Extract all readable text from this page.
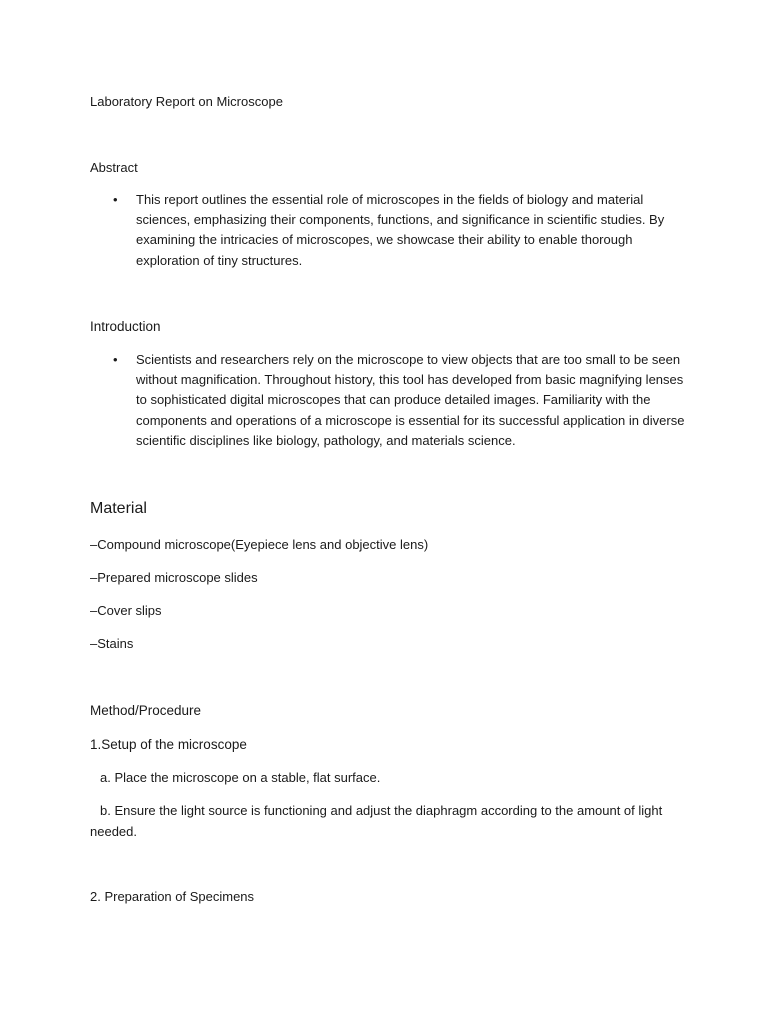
Laboratory Report on Microscope
Abstract
• This report outlines the essential role of microscopes in the fields of biology and material sciences, emphasizing their components, functions, and significance in scientific studies. By examining the intricacies of microscopes, we showcase their ability to enable thorough exploration of tiny structures.
Introduction
• Scientists and researchers rely on the microscope to view objects that are too small to be seen without magnification. Throughout history, this tool has developed from basic magnifying lenses to sophisticated digital microscopes that can produce detailed images. Familiarity with the components and operations of a microscope is essential for its successful application in diverse scientific disciplines like biology, pathology, and materials science.
Material
–Compound microscope(Eyepiece lens and objective lens)
–Prepared microscope slides
–Cover slips
–Stains
Method/Procedure
1.Setup of the microscope
a. Place the microscope on a stable, flat surface.
b. Ensure the light source is functioning and adjust the diaphragm according to the amount of light needed.
2. Preparation of Specimens
